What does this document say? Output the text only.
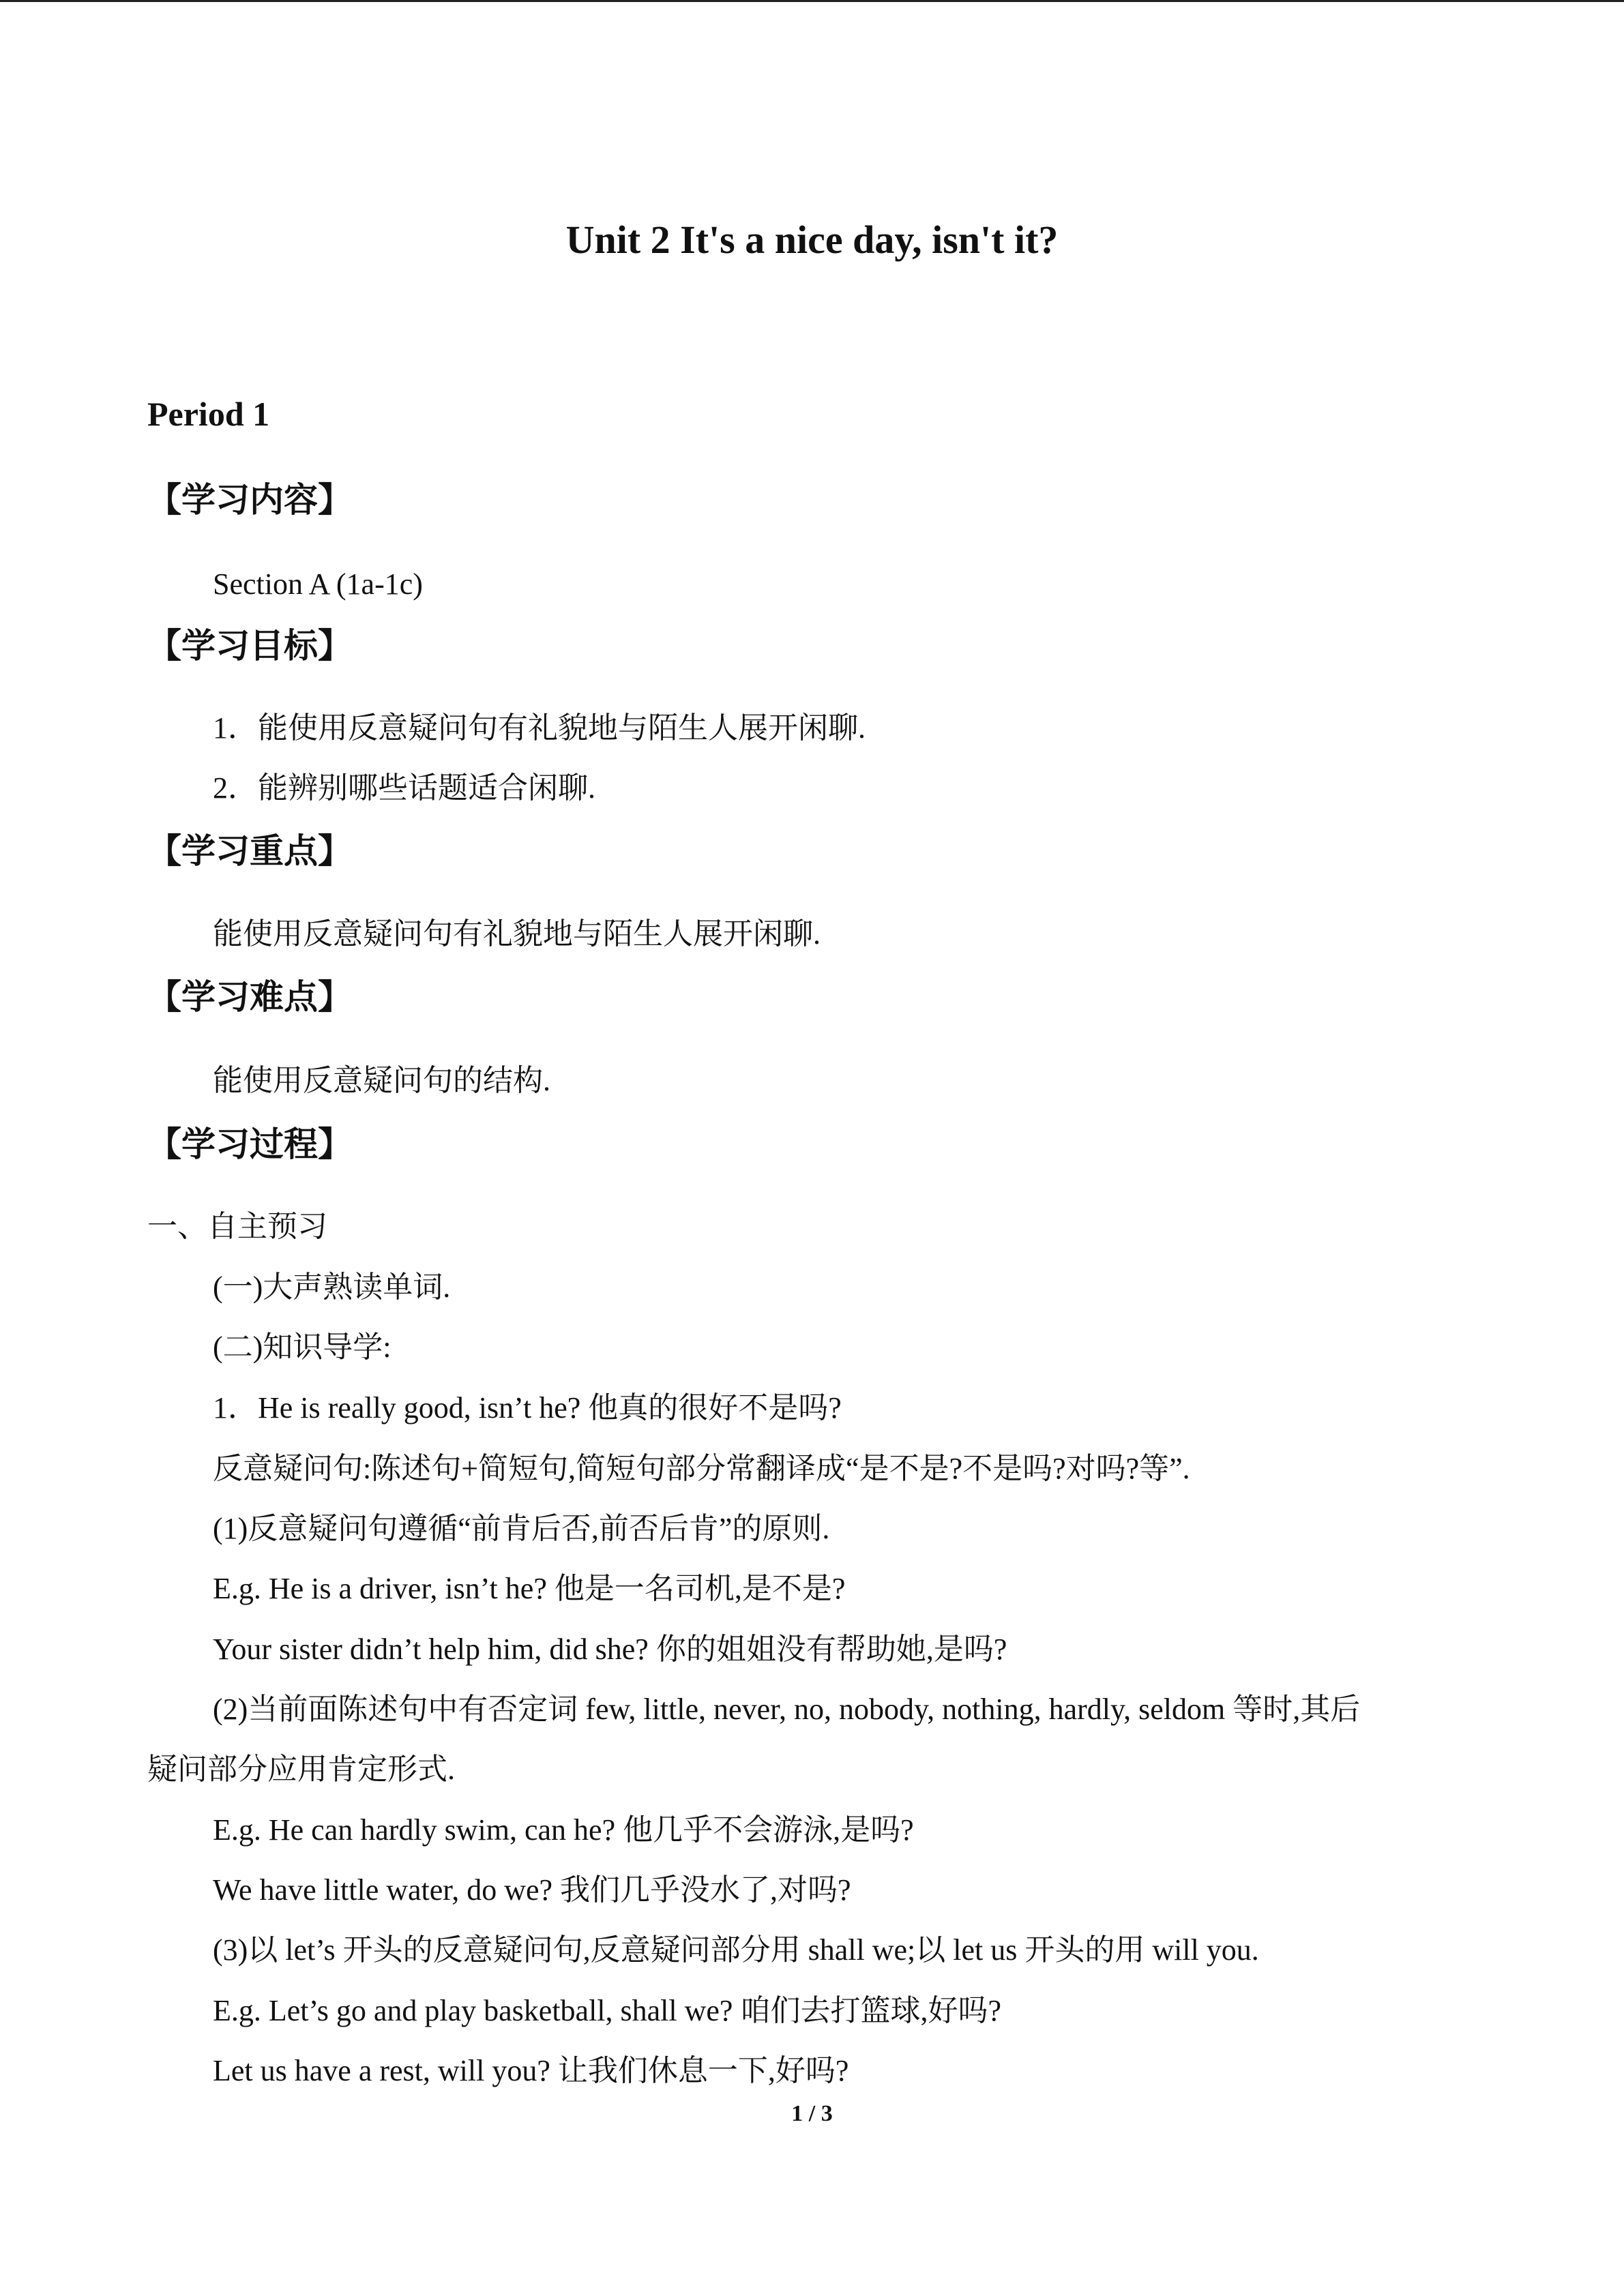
Unit 2 It's a nice day, isn't it?
Period 1
【学习内容】
Section A (1a-1c)
【学习目标】
1．能使用反意疑问句有礼貌地与陌生人展开闲聊.
2．能辨别哪些话题适合闲聊.
【学习重点】
能使用反意疑问句有礼貌地与陌生人展开闲聊.
【学习难点】
能使用反意疑问句的结构.
【学习过程】
一、自主预习
(一)大声熟读单词.
(二)知识导学:
1．He is really good, isn’t he? 他真的很好不是吗?
反意疑问句:陈述句+简短句,简短句部分常翻译成“是不是?不是吗?对吗?等”.
(1)反意疑问句遵循“前肯后否,前否后肯”的原则.
E.g. He is a driver, isn’t he? 他是一名司机,是不是?
Your sister didn’t help him, did she? 你的姐姐没有帮助她,是吗?
(2)当前面陈述句中有否定词 few, little, never, no, nobody, nothing, hardly, seldom 等时,其后
疑问部分应用肯定形式.
E.g. He can hardly swim, can he? 他几乎不会游泳,是吗?
We have little water, do we? 我们几乎没水了,对吗?
(3)以 let’s 开头的反意疑问句,反意疑问部分用 shall we;以 let us 开头的用 will you.
E.g. Let’s go and play basketball, shall we? 咱们去打篮球,好吗?
Let us have a rest, will you? 让我们休息一下,好吗?
1 / 3
